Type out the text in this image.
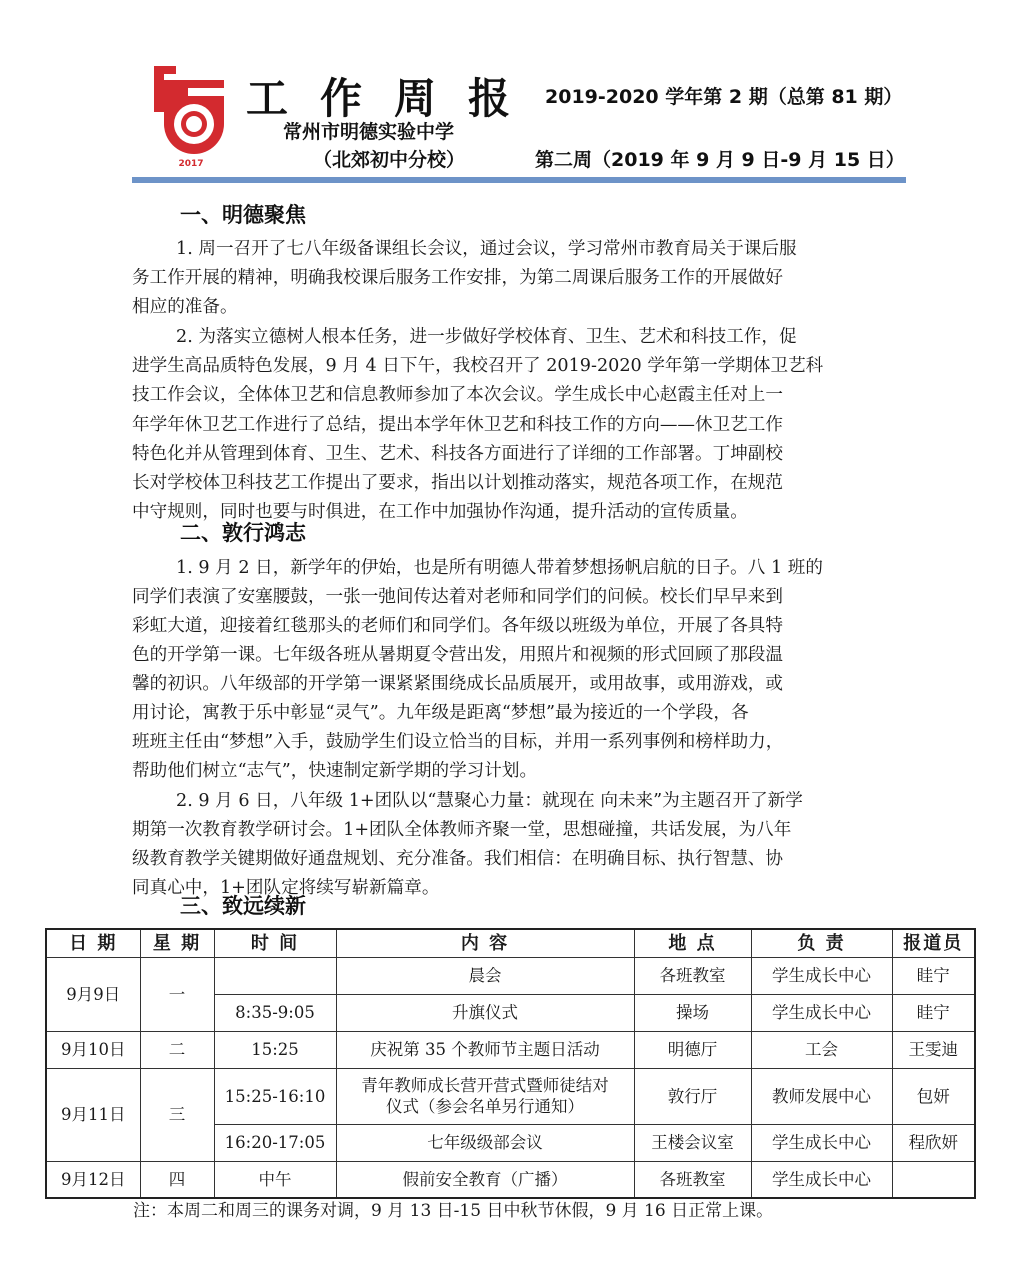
2017
工作周报 2019-2020 学年第 2 期（总第 81 期）
常州市明德实验中学
（北郊初中分校）	第二周（2019 年 9 月 9 日-9 月 15 日）
一、明德聚焦
1. 周一召开了七八年级备课组长会议，通过会议，学习常州市教育局关于课后服
务工作开展的精神，明确我校课后服务工作安排，为第二周课后服务工作的开展做好
相应的准备。
2. 为落实立德树人根本任务，进一步做好学校体育、卫生、艺术和科技工作，促
进学生高品质特色发展，9 月 4 日下午，我校召开了 2019-2020 学年第一学期体卫艺科
技工作会议，全体体卫艺和信息教师参加了本次会议。学生成长中心赵霞主任对上一
年学年休卫艺工作进行了总结，提出本学年休卫艺和科技工作的方向——休卫艺工作
特色化并从管理到体育、卫生、艺术、科技各方面进行了详细的工作部署。丁坤副校
长对学校体卫科技艺工作提出了要求，指出以计划推动落实，规范各项工作，在规范
中守规则，同时也要与时俱进，在工作中加强协作沟通，提升活动的宣传质量。
二、敦行鸿志
1. 9 月 2 日，新学年的伊始，也是所有明德人带着梦想扬帆启航的日子。八 1 班的
同学们表演了安塞腰鼓，一张一弛间传达着对老师和同学们的问候。校长们早早来到
彩虹大道，迎接着红毯那头的老师们和同学们。各年级以班级为单位，开展了各具特
色的开学第一课。七年级各班从暑期夏令营出发，用照片和视频的形式回顾了那段温
馨的初识。八年级部的开学第一课紧紧围绕成长品质展开，或用故事，或用游戏，或
用讨论，寓教于乐中彰显“灵气”。九年级是距离“梦想”最为接近的一个学段，各
班班主任由“梦想”入手，鼓励学生们设立恰当的目标，并用一系列事例和榜样助力，
帮助他们树立“志气”，快速制定新学期的学习计划。
2. 9 月 6 日，八年级 1+团队以“慧聚心力量：就现在 向未来”为主题召开了新学
期第一次教育教学研讨会。1+团队全体教师齐聚一堂，思想碰撞，共话发展，为八年
级教育教学关键期做好通盘规划、充分准备。我们相信：在明确目标、执行智慧、协
同真心中，1+团队定将续写崭新篇章。
三、致远续新
日 期	星 期	时 间	内 容	地 点	负 责	报道员
9月9日	一		晨会	各班教室	学生成长中心	眭宁
		8:35-9:05	升旗仪式	操场	学生成长中心	眭宁
9月10日	二	15:25	庆祝第 35 个教师节主题日活动	明德厅	工会	王雯迪
9月11日	三	15:25-16:10	青年教师成长营开营式暨师徒结对仪式（参会名单另行通知）	敦行厅	教师发展中心	包妍
		16:20-17:05	七年级级部会议	王楼会议室	学生成长中心	程欣妍
9月12日	四	中午	假前安全教育（广播）	各班教室	学生成长中心	
注：本周二和周三的课务对调，9 月 13 日-15 日中秋节休假，9 月 16 日正常上课。
